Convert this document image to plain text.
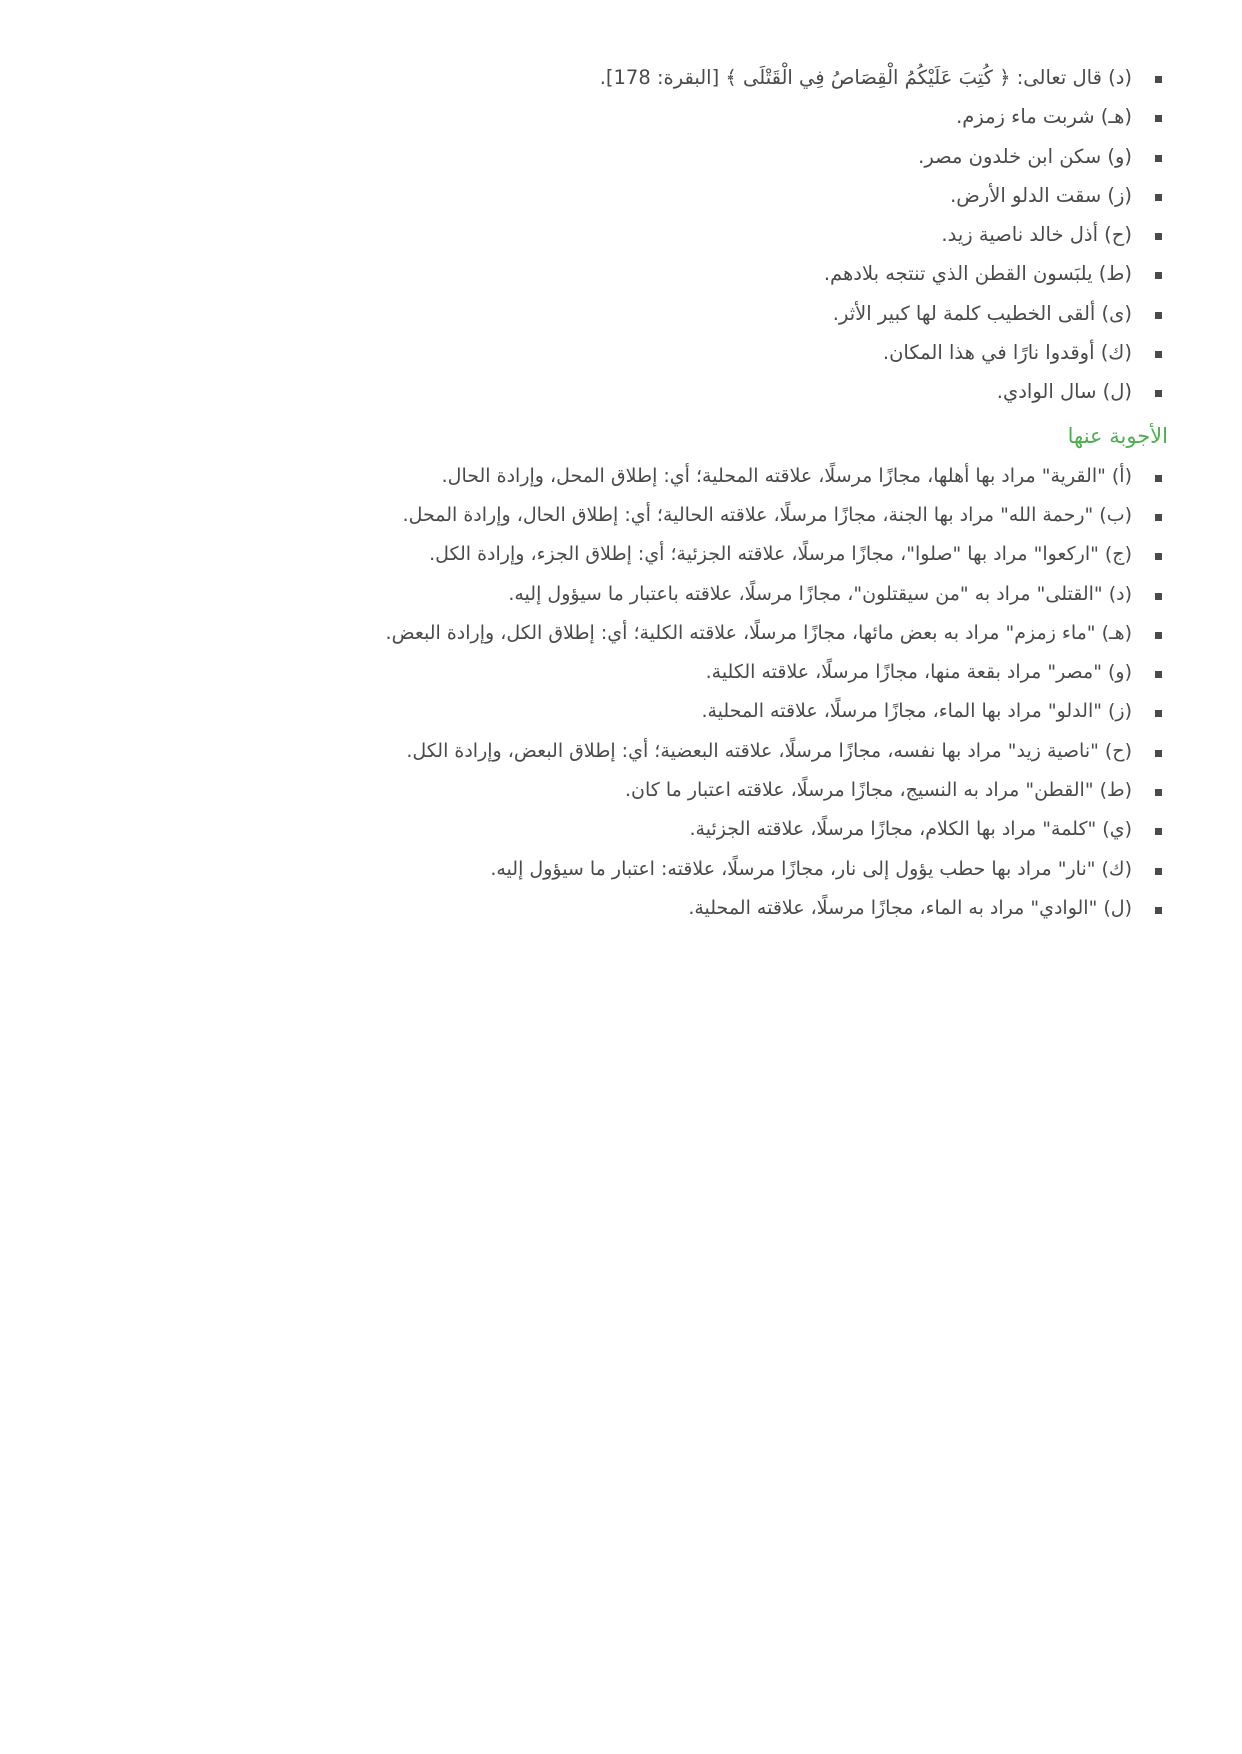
(د) قال تعالى: ﴿ كُتِبَ عَلَيْكُمُ الْقِصَاصُ فِي الْقَتْلَى ﴾ [البقرة: 178].
(هـ) شربت ماء زمزم.
(و) سكن ابن خلدون مصر.
(ز) سقت الدلو الأرض.
(ح) أذل خالد ناصية زيد.
(ط) يلبَسون القطن الذي تنتجه بلادهم.
(ى) ألقى الخطيب كلمة لها كبير الأثر.
(ك) أوقدوا نارًا في هذا المكان.
(ل) سال الوادي.
الأجوبة عنها
(أ) "القرية" مراد بها أهلها، مجازًا مرسلًا، علاقته المحلية؛ أي: إطلاق المحل، وإرادة الحال.
(ب) "رحمة الله" مراد بها الجنة، مجازًا مرسلًا، علاقته الحالية؛ أي: إطلاق الحال، وإرادة المحل.
(ج) "اركعوا" مراد بها "صلوا"، مجازًا مرسلًا، علاقته الجزئية؛ أي: إطلاق الجزء، وإرادة الكل.
(د) "القتلى" مراد به "من سيقتلون"، مجازًا مرسلًا، علاقته باعتبار ما سيؤول إليه.
(هـ) "ماء زمزم" مراد به بعض مائها، مجازًا مرسلًا، علاقته الكلية؛ أي: إطلاق الكل، وإرادة البعض.
(و) "مصر" مراد بقعة منها، مجازًا مرسلًا، علاقته الكلية.
(ز) "الدلو" مراد بها الماء، مجازًا مرسلًا، علاقته المحلية.
(ح) "ناصية زيد" مراد بها نفسه، مجازًا مرسلًا، علاقته البعضية؛ أي: إطلاق البعض، وإرادة الكل.
(ط) "القطن" مراد به النسيج، مجازًا مرسلًا، علاقته اعتبار ما كان.
(ي) "كلمة" مراد بها الكلام، مجازًا مرسلًا، علاقته الجزئية.
(ك) "نار" مراد بها حطب يؤول إلى نار، مجازًا مرسلًا، علاقته: اعتبار ما سيؤول إليه.
(ل) "الوادي" مراد به الماء، مجازًا مرسلًا، علاقته المحلية.
